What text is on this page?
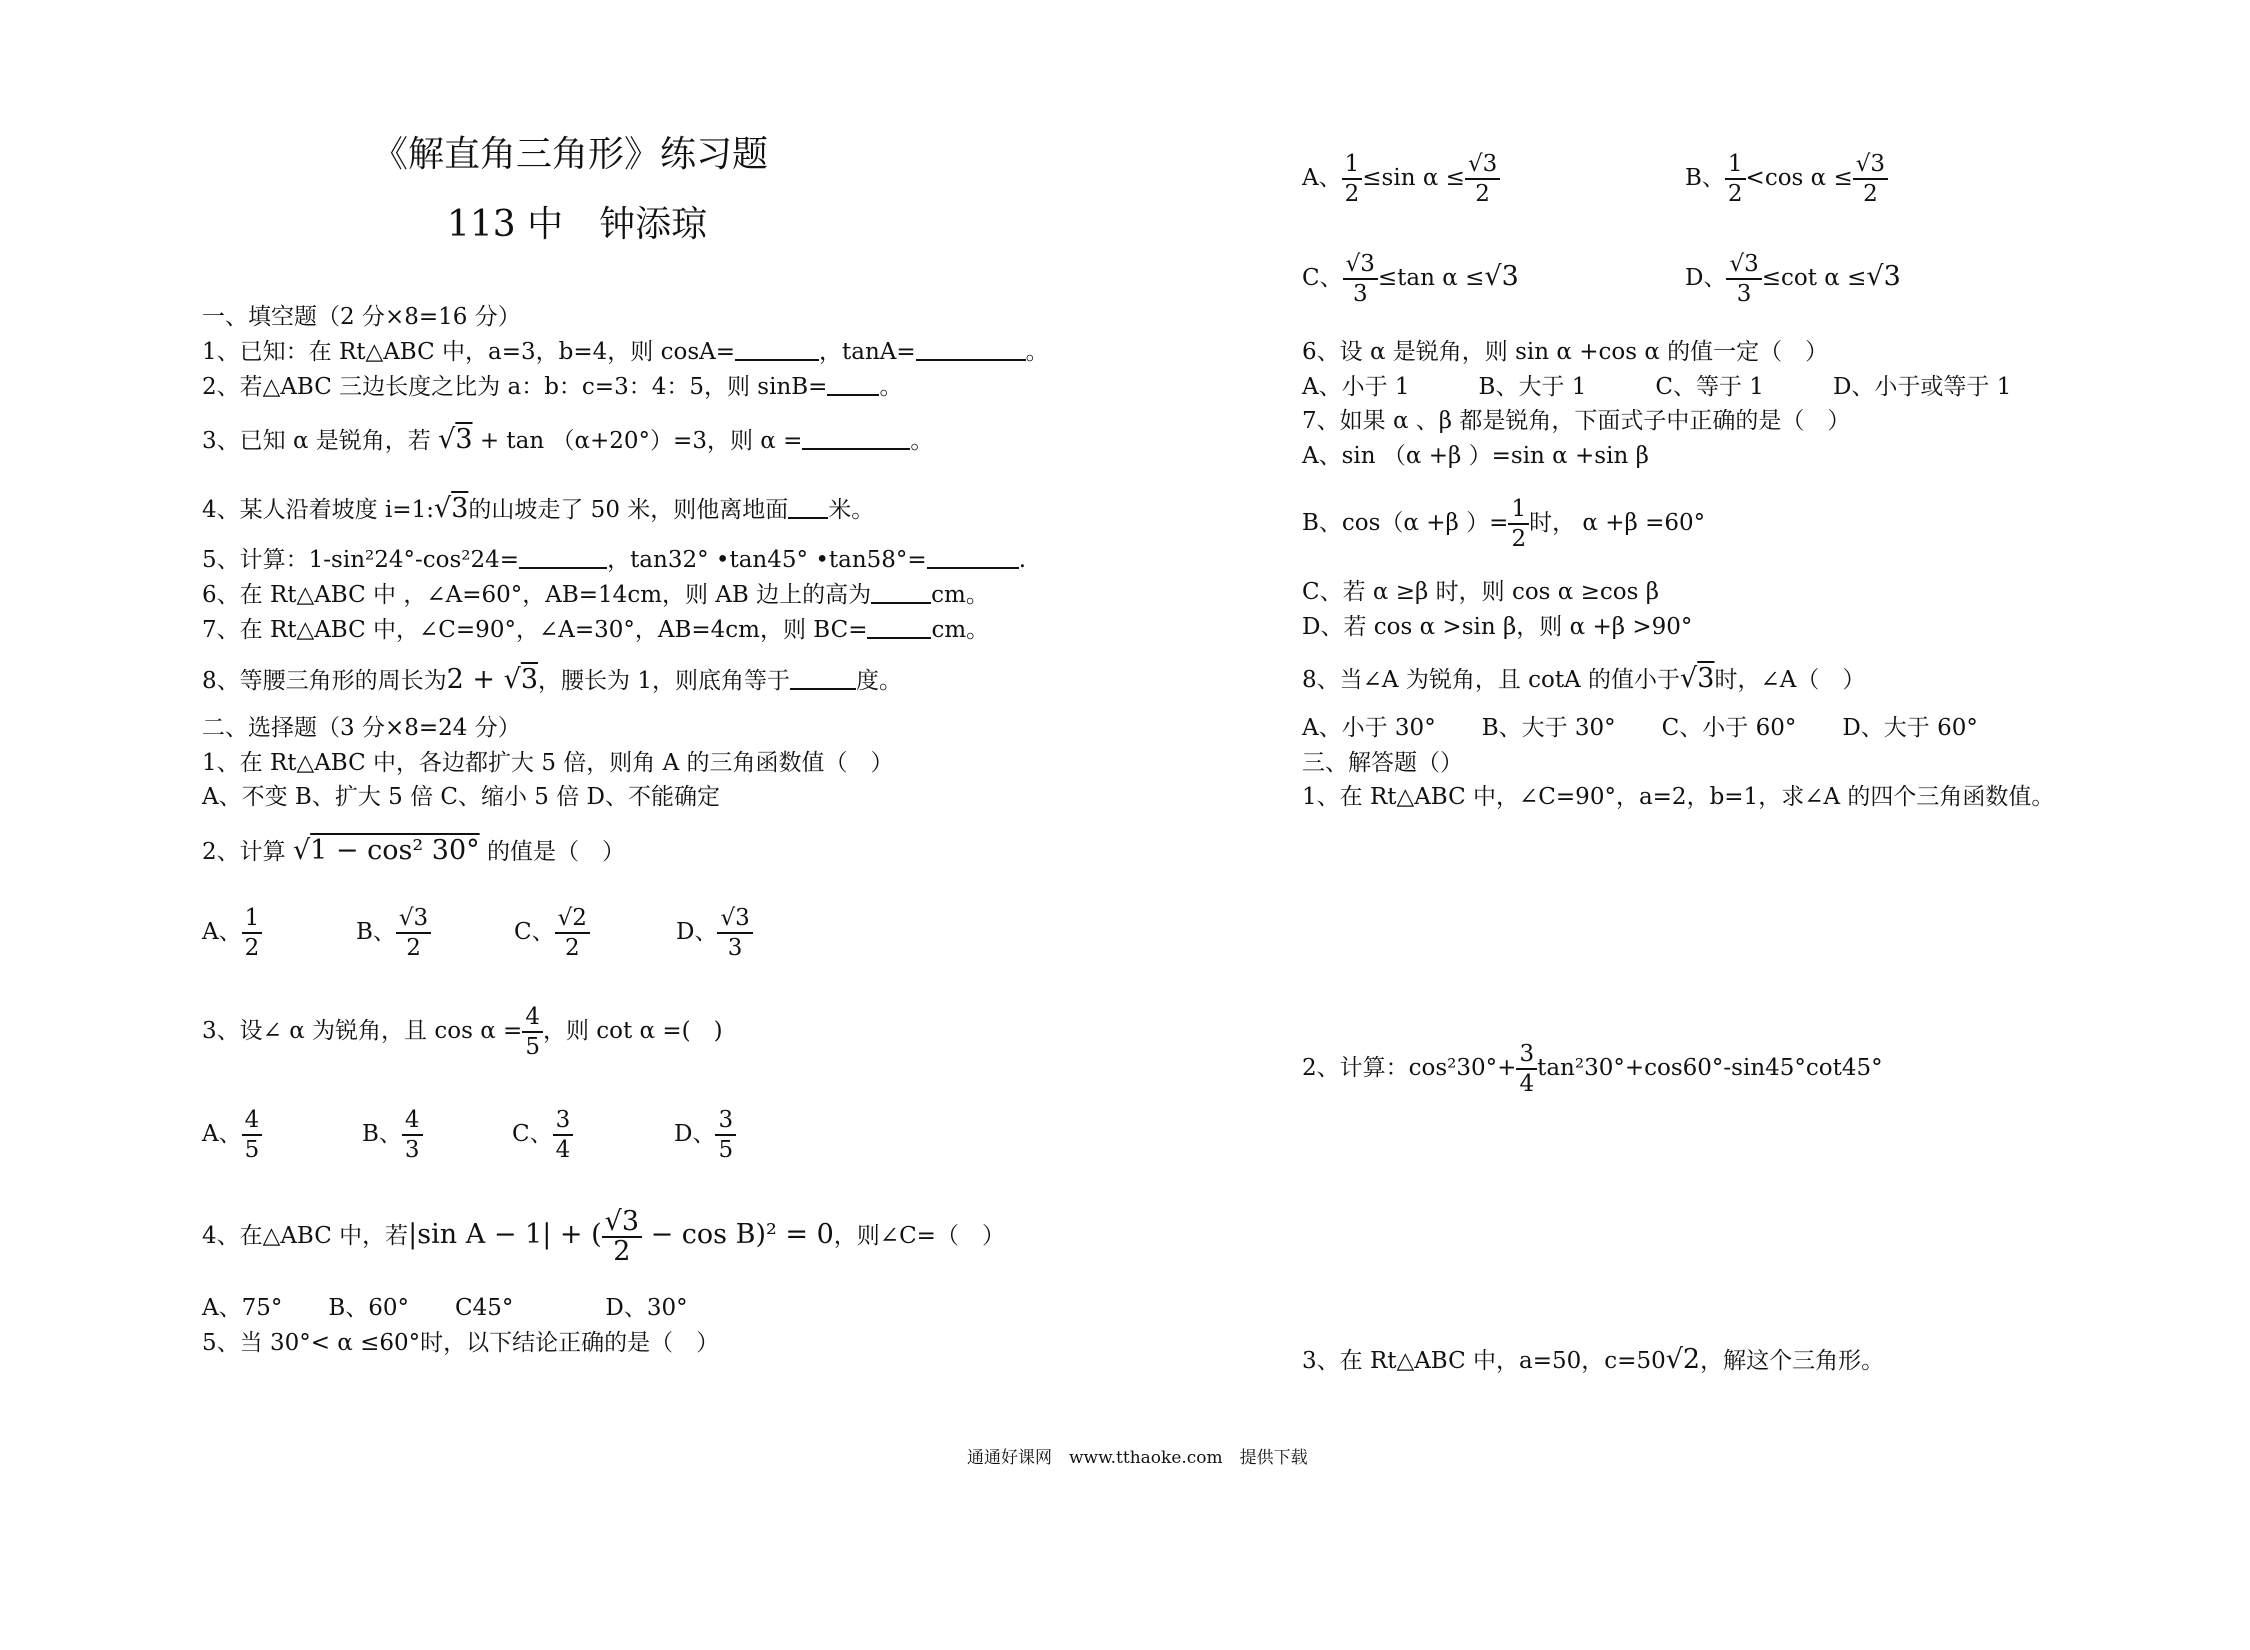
《解直角三角形》练习题
113 中　钟添琼
一、填空题（2 分×8=16 分）
1、已知：在 Rt△ABC 中，a=3，b=4，则 cosA=	，tanA=	。
2、若△ABC 三边长度之比为 a：b：c=3：4：5，则 sinB= 。
3、已知 α 是锐角，若 √3 + tan （α+20°）=3，则 α =	。
4、某人沿着坡度 i=1:√3的山坡走了 50 米，则他离地面 米。
5、计算：1-sin²24°-cos²24=	，tan32° •tan45° •tan58°=	.
6、在 Rt△ABC 中 ，∠A=60°，AB=14cm，则 AB 边上的高为	cm。
7、在 Rt△ABC 中，∠C=90°，∠A=30°，AB=4cm，则 BC=	cm。
8、等腰三角形的周长为2 + √3，腰长为 1，则底角等于	度。
二、选择题（3 分×8=24 分）
1、在 Rt△ABC 中，各边都扩大 5 倍，则角 A 的三角函数值（　）
A、不变 B、扩大 5 倍 C、缩小 5 倍 D、不能确定
2、计算 √1 − cos² 30° 的值是（　）
A、 $\frac{1}{2}$	B、 $\frac{√3}{2}$	C、 $\frac{√2}{2}$	D、 $\frac{√3}{3}$
3、设∠ α 为锐角，且 $\cos \alpha = \frac{4}{5}$ ，则 cot α =(　)
A、 $\frac{4}{5}$	B、 $\frac{4}{3}$	C、 $\frac{3}{4}$	D、 $\frac{3}{5}$
4、在△ABC 中，若|sin A − 1| + ( $\frac{√3}{2} - \cos B)^2 = 0$，则∠C=（　）
A、75°　　B、60°　　C45°　　　　D、30°
5、当 30°< α ≤60°时，以下结论正确的是（　）
A、 $\frac{1}{2} \le\sin$ $\alpha \le \frac{√3}{2}$	B、 $\frac{1}{2} <\cos$ $\alpha \le \frac{√3}{2}$
C、 $\frac{√3}{3} \le\tan$ α ≤√3	D、 $\frac{√3}{3} \le\cot$ α ≤√3
6、设 α 是锐角，则 sin α +cos α 的值一定（　）
A、小于 1　　　B、大于 1　　　C、等于 1　　　D、小于或等于 1
7、如果 α 、β 都是锐角，下面式子中正确的是（　）
A、sin （α +β ）=sin α +sin β
B、cos（α +β ）= $\frac{1}{2}$ 时， α +β =60°
C、若 α ≥β 时，则 cos α ≥cos β
D、若 cos α >sin β，则 α +β >90°
8、当∠A 为锐角，且 cotA 的值小于√3时，∠A（　）
A、小于 30°　　B、大于 30°　　C、小于 60°　　D、大于 60°
三、解答题（）
1、在 Rt△ABC 中，∠C=90°，a=2，b=1，求∠A 的四个三角函数值。
2、计算：$\cos^230^\circ+ \frac{3}{4} \tan^230^\circ+\cos 60^\circ-\sin 45^\circ\cot 45^\circ$
3、在 Rt△ABC 中，a=50，c=50√2，解这个三角形。
通通好课网　www.tthaoke.com　提供下载
